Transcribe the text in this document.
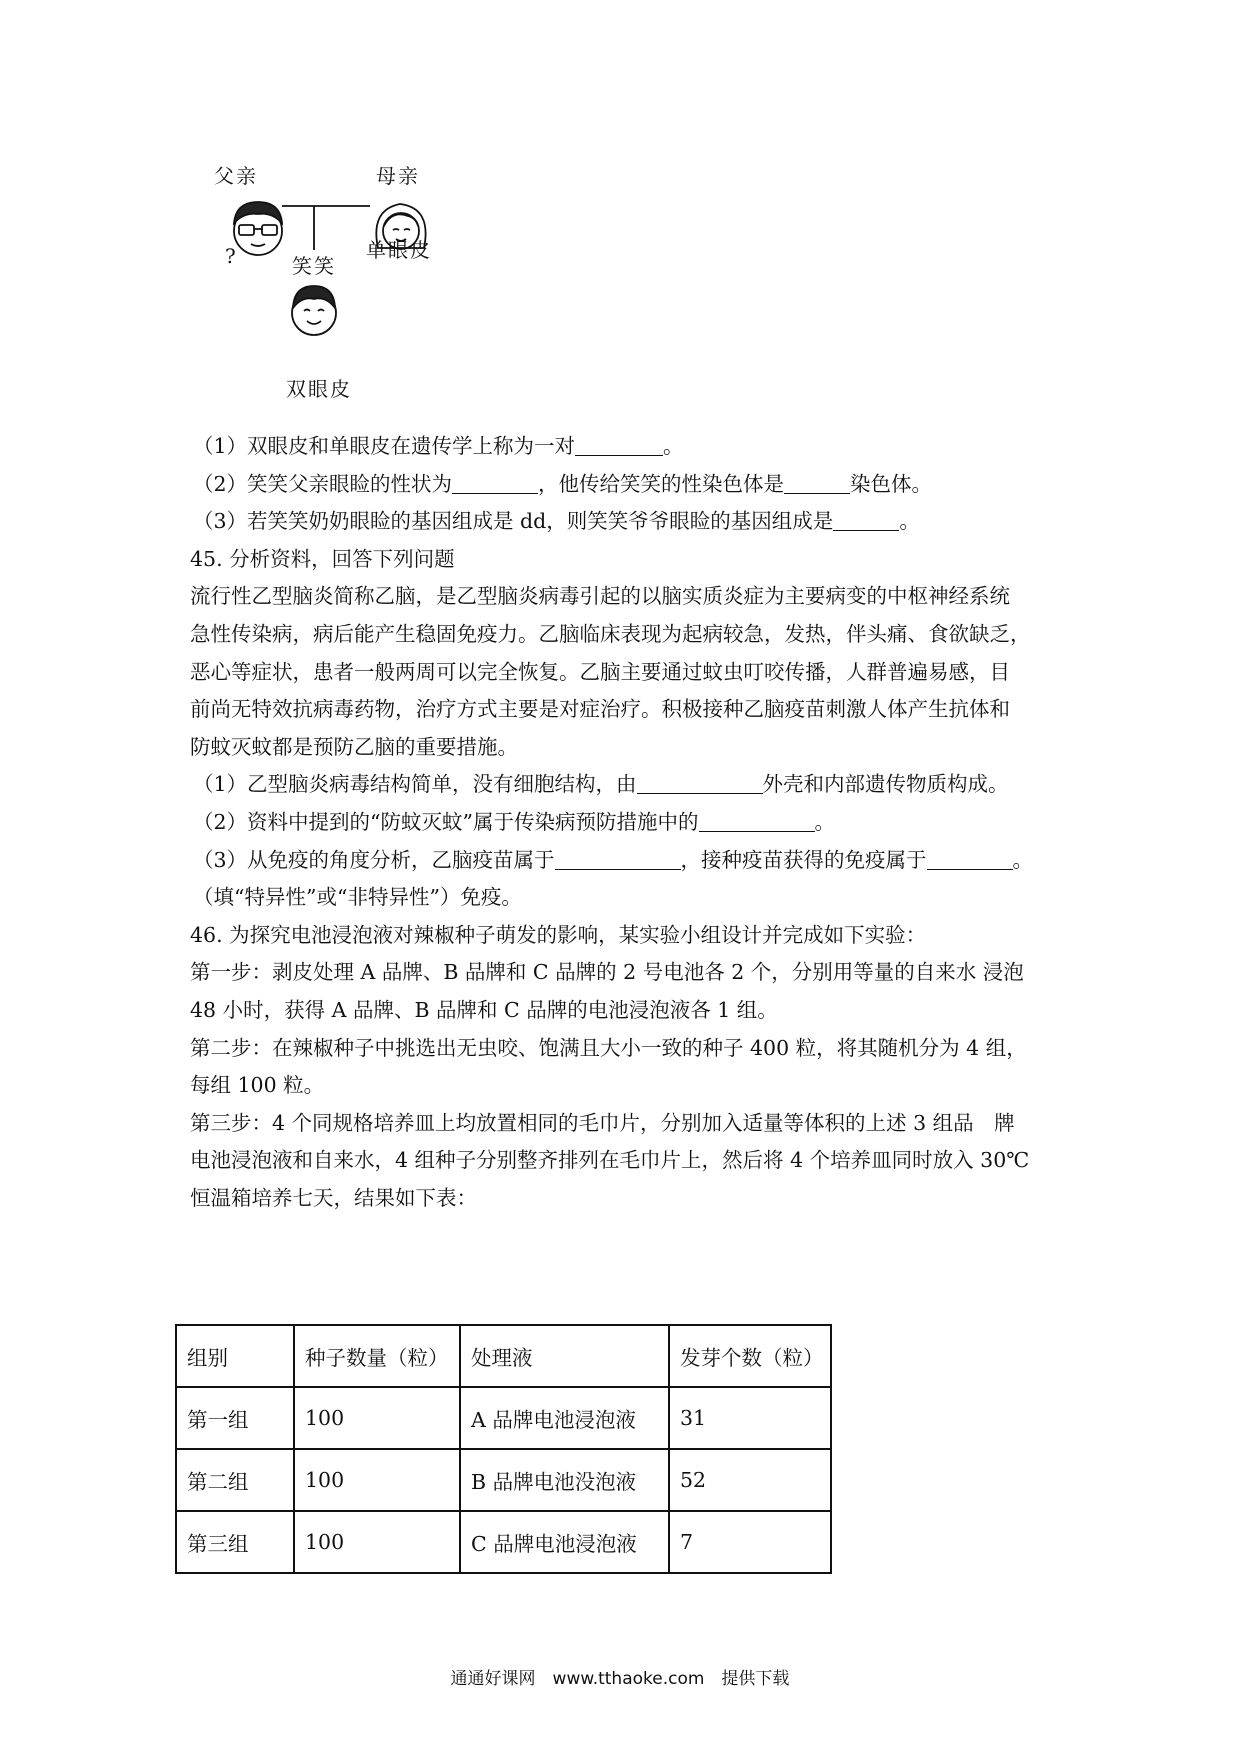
父亲	母亲
?	单眼皮
笑笑
双眼皮
（1）双眼皮和单眼皮在遗传学上称为一对	。
（2）笑笑父亲眼睑的性状为	，他传给笑笑的性染色体是	染色体。
（3）若笑笑奶奶眼睑的基因组成是 dd，则笑笑爷爷眼睑的基因组成是	。
45. 分析资料，回答下列问题
流行性乙型脑炎简称乙脑，是乙型脑炎病毒引起的以脑实质炎症为主要病变的中枢神经系统
急性传染病，病后能产生稳固免疫力。乙脑临床表现为起病较急，发热，伴头痛、食欲缺乏，
恶心等症状，患者一般两周可以完全恢复。乙脑主要通过蚊虫叮咬传播，人群普遍易感，目
前尚无特效抗病毒药物，治疗方式主要是对症治疗。积极接种乙脑疫苗刺激人体产生抗体和
防蚊灭蚊都是预防乙脑的重要措施。
（1）乙型脑炎病毒结构简单，没有细胞结构，由	外壳和内部遗传物质构成。
（2）资料中提到的“防蚊灭蚊”属于传染病预防措施中的	。
（3）从免疫的角度分析，乙脑疫苗属于	，接种疫苗获得的免疫属于	。
（填“特异性”或“非特异性”）免疫。
46. 为探究电池浸泡液对辣椒种子萌发的影响，某实验小组设计并完成如下实验：
第一步：剥皮处理 A 品牌、B 品牌和 C 品牌的 2 号电池各 2 个，分别用等量的自来水 浸泡
48 小时，获得 A 品牌、B 品牌和 C 品牌的电池浸泡液各 1 组。
第二步：在辣椒种子中挑选出无虫咬、饱满且大小一致的种子 400 粒，将其随机分为 4 组，
每组 100 粒。
第三步：4 个同规格培养皿上均放置相同的毛巾片，分别加入适量等体积的上述 3 组品　牌
电池浸泡液和自来水，4 组种子分别整齐排列在毛巾片上，然后将 4 个培养皿同时放入 30℃
恒温箱培养七天，结果如下表：
组别	种子数量（粒）	处理液	发芽个数（粒）
第一组	100	A 品牌电池浸泡液	31
第二组	100	B 品牌电池没泡液	52
第三组	100	C 品牌电池浸泡液	7
通通好课网　www.tthaoke.com　提供下载
